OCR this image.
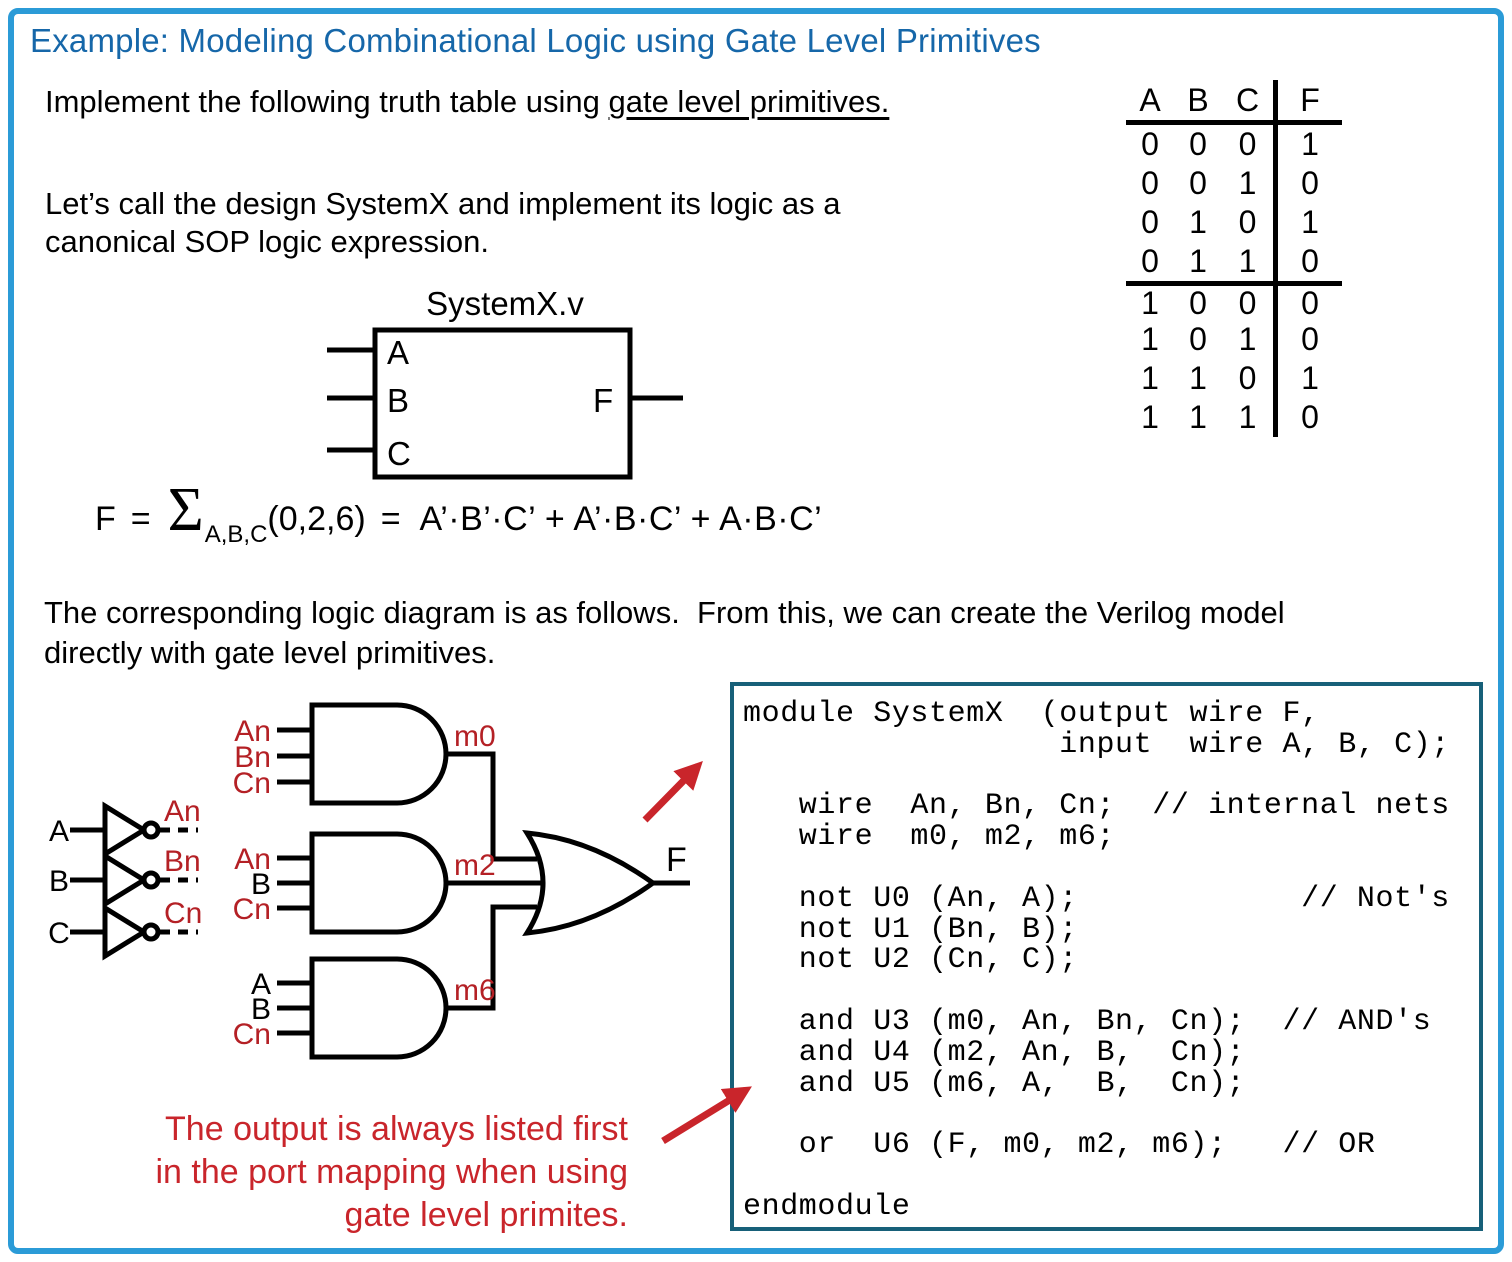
Example: Modeling Combinational Logic using Gate Level Primitives
Implement the following truth table using gate level primitives.	A B C	F
0 0 0	1
0 0 1	0
0 1 0	1
0 1 1	0
1 0 0	0
1 0 1	0
1 1 0	1
1 1 1	0
Let’s call the design SystemX and implement its logic as a
canonical SOP logic expression.
SystemX.v
A
B
C
F
F = Σ A,B,C (0,2,6) = A’·B’·C’ + A’·B·C’ + A·B·C’
The corresponding logic diagram is as follows.  From this, we can create the Verilog model
directly with gate level primitives.
module SystemX  (output wire F,
input  wire A, B, C);
wire  An, Bn, Cn;  // internal nets
wire  m0, m2, m6;
not U0 (An, A);            // Not's
not U1 (Bn, B);
not U2 (Cn, C);
and U3 (m0, An, Bn, Cn);  // AND's
and U4 (m2, An, B,  Cn);
and U5 (m6, A,  B,  Cn);
or  U6 (F, m0, m2, m6);   // OR
endmodule
A
An
B
Bn
C
Cn
An
Bn
Cn
m0
An
B
Cn
m2
A
B
Cn
m6
F
The output is always listed first
in the port mapping when using
gate level primites.
